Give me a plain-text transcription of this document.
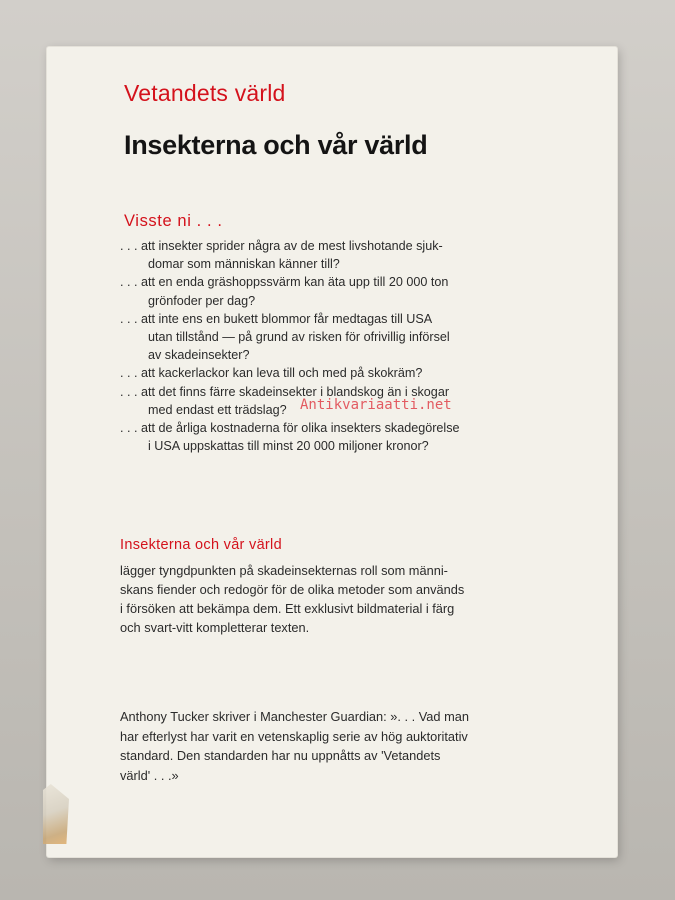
Vetandets värld
Insekterna och vår värld
Visste ni . . .
. . . att insekter sprider några av de mest livshotande sjuk-
domar som människan känner till?
. . . att en enda gräshoppssvärm kan äta upp till 20 000 ton
grönfoder per dag?
. . . att inte ens en bukett blommor får medtagas till USA
utan tillstånd — på grund av risken för ofrivillig införsel
av skadeinsekter?
. . . att kackerlackor kan leva till och med på skokräm?
. . . att det finns färre skadeinsekter i blandskog än i skogar
med endast ett trädslag?
. . . att de årliga kostnaderna för olika insekters skadegörelse
i USA uppskattas till minst 20 000 miljoner kronor?
Antikvariaatti.net
Insekterna och vår värld

lägger tyngdpunkten på skadeinsekternas roll som männi-
skans fiender och redogör för de olika metoder som används
i försöken att bekämpa dem. Ett exklusivt bildmaterial i färg
och svart-vitt kompletterar texten.

Anthony Tucker skriver i Manchester Guardian: ». . . Vad man
har efterlyst har varit en vetenskaplig serie av hög auktoritativ
standard. Den standarden har nu uppnåtts av 'Vetandets
värld' . . .»
